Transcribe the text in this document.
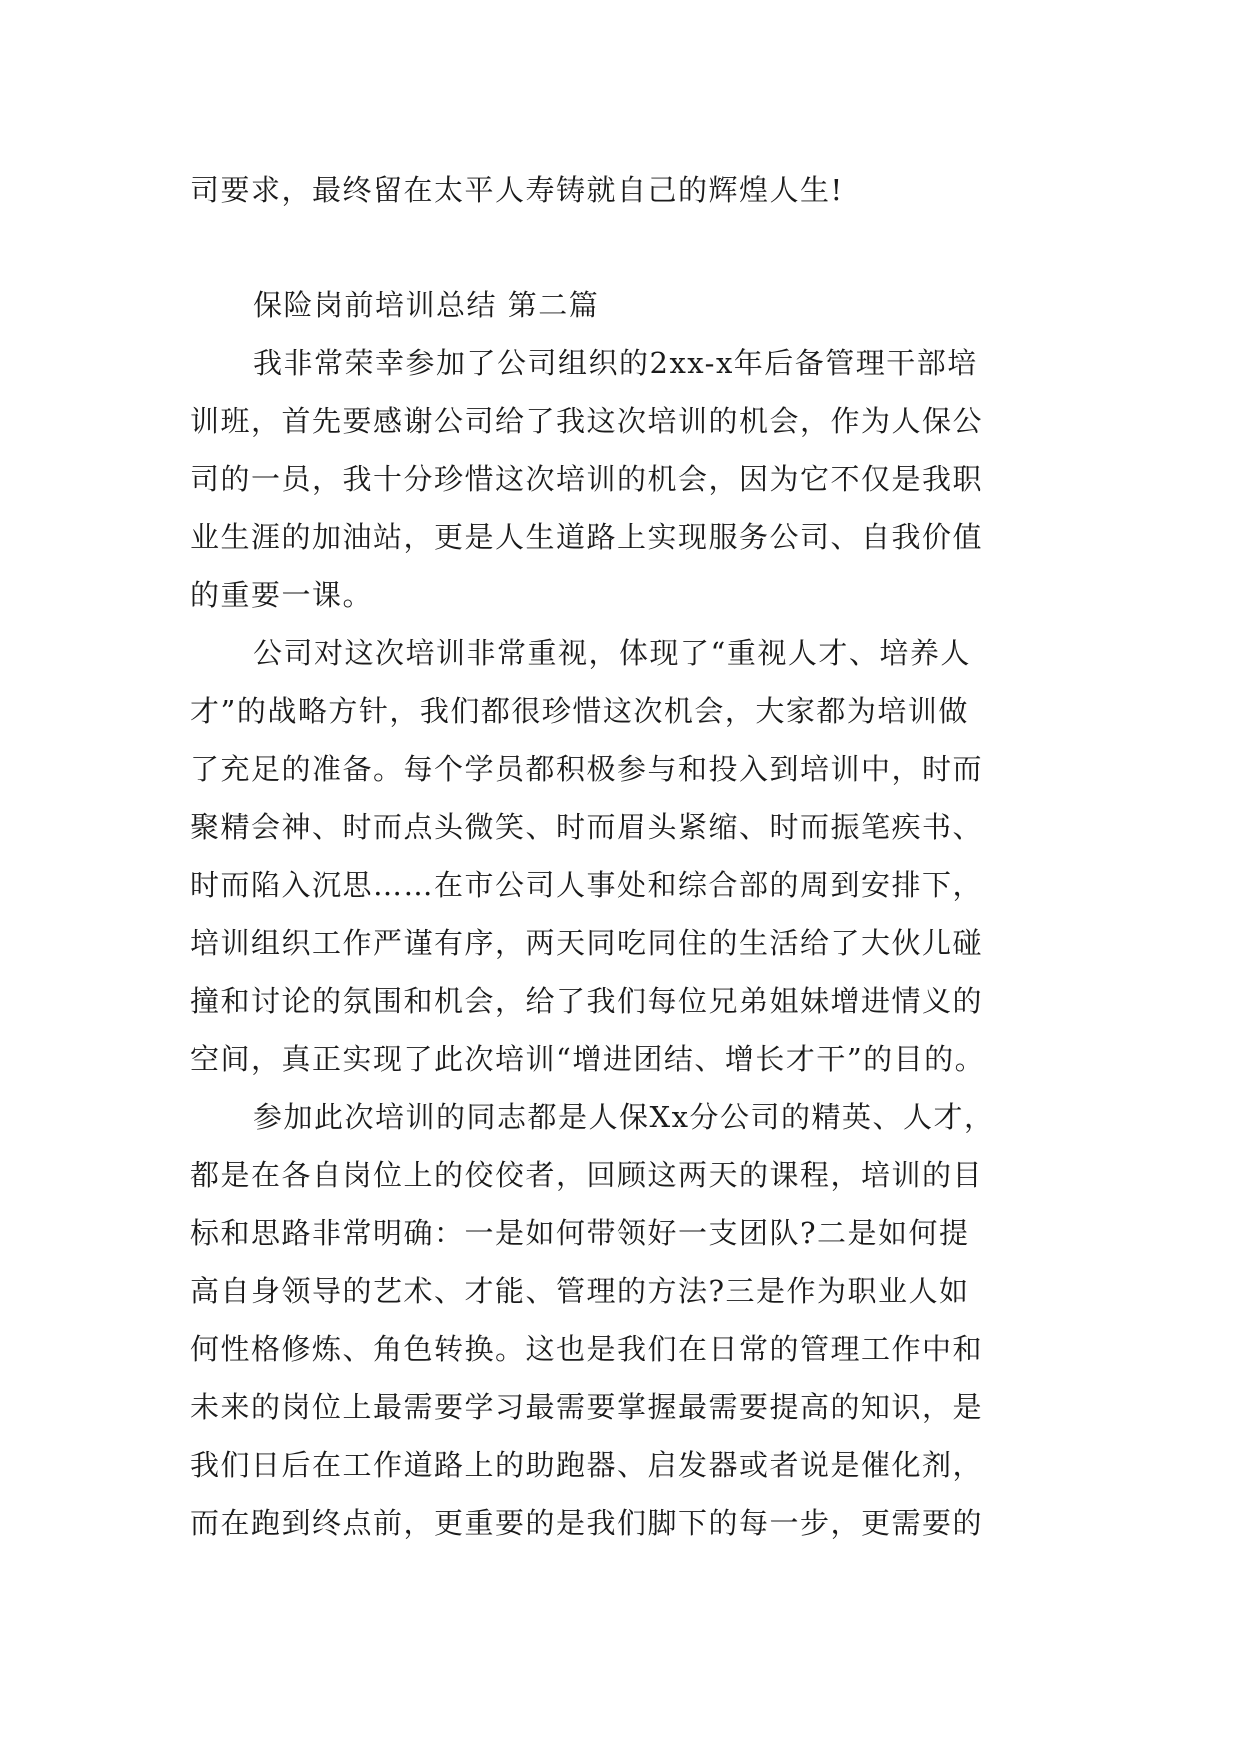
司要求，最终留在太平人寿铸就自己的辉煌人生!
保险岗前培训总结 第二篇
我非常荣幸参加了公司组织的2xx-x年后备管理干部培
训班，首先要感谢公司给了我这次培训的机会，作为人保公
司的一员，我十分珍惜这次培训的机会，因为它不仅是我职
业生涯的加油站，更是人生道路上实现服务公司、自我价值
的重要一课。
公司对这次培训非常重视，体现了“重视人才、培养人
才”的战略方针，我们都很珍惜这次机会，大家都为培训做
了充足的准备。每个学员都积极参与和投入到培训中，时而
聚精会神、时而点头微笑、时而眉头紧缩、时而振笔疾书、
时而陷入沉思……在市公司人事处和综合部的周到安排下，
培训组织工作严谨有序，两天同吃同住的生活给了大伙儿碰
撞和讨论的氛围和机会，给了我们每位兄弟姐妹增进情义的
空间，真正实现了此次培训“增进团结、增长才干”的目的。
参加此次培训的同志都是人保Xx分公司的精英、人才，
都是在各自岗位上的佼佼者，回顾这两天的课程，培训的目
标和思路非常明确：一是如何带领好一支团队?二是如何提
高自身领导的艺术、才能、管理的方法?三是作为职业人如
何性格修炼、角色转换。这也是我们在日常的管理工作中和
未来的岗位上最需要学习最需要掌握最需要提高的知识，是
我们日后在工作道路上的助跑器、启发器或者说是催化剂，
而在跑到终点前，更重要的是我们脚下的每一步，更需要的
